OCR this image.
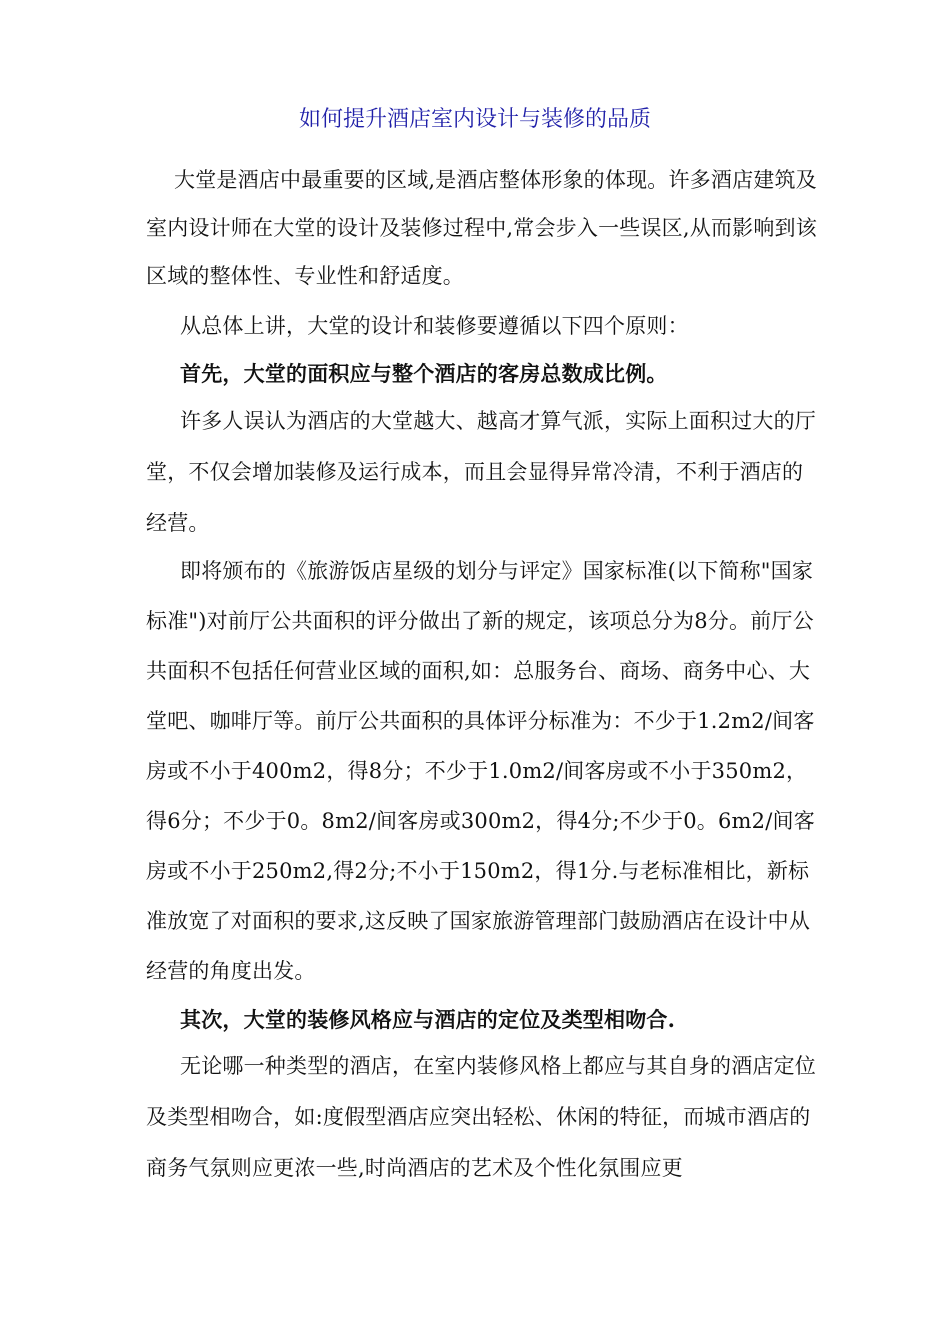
如何提升酒店室内设计与装修的品质

大堂是酒店中最重要的区域,是酒店整体形象的体现。许多酒店建筑及室内设计师在大堂的设计及装修过程中,常会步入一些误区,从而影响到该区域的整体性、专业性和舒适度。

从总体上讲，大堂的设计和装修要遵循以下四个原则：

首先，大堂的面积应与整个酒店的客房总数成比例。

许多人误认为酒店的大堂越大、越高才算气派，实际上面积过大的厅堂，不仅会增加装修及运行成本，而且会显得异常冷清，不利于酒店的经营。

即将颁布的《旅游饭店星级的划分与评定》国家标准(以下简称"国家标准")对前厅公共面积的评分做出了新的规定，该项总分为8分。前厅公共面积不包括任何营业区域的面积,如：总服务台、商场、商务中心、大堂吧、咖啡厅等。前厅公共面积的具体评分标准为：不少于1.2m2/间客房或不小于400m2，得8分；不少于1.0m2/间客房或不小于350m2，得6分；不少于0。8m2/间客房或300m2，得4分;不少于0。6m2/间客房或不小于250m2,得2分;不小于150m2，得1分.与老标准相比，新标准放宽了对面积的要求,这反映了国家旅游管理部门鼓励酒店在设计中从经营的角度出发。

其次，大堂的装修风格应与酒店的定位及类型相吻合.

无论哪一种类型的酒店，在室内装修风格上都应与其自身的酒店定位及类型相吻合，如:度假型酒店应突出轻松、休闲的特征，而城市酒店的商务气氛则应更浓一些,时尚酒店的艺术及个性化氛围应更
